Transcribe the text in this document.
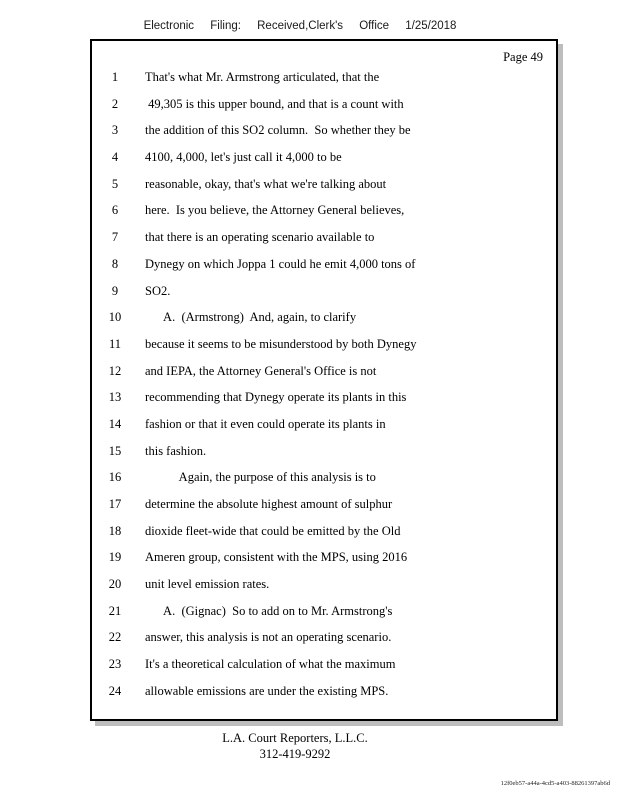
Electronic Filing: Received,Clerk's Office 1/25/2018
Page 49
1	That's what Mr. Armstrong articulated, that the
2	49,305 is this upper bound, and that is a count with
3	the addition of this SO2 column.  So whether they be
4	4100, 4,000, let's just call it 4,000 to be
5	reasonable, okay, that's what we're talking about
6	here.  Is you believe, the Attorney General believes,
7	that there is an operating scenario available to
8	Dynegy on which Joppa 1 could he emit 4,000 tons of
9	SO2.
10	A.  (Armstrong)  And, again, to clarify
11	because it seems to be misunderstood by both Dynegy
12	and IEPA, the Attorney General's Office is not
13	recommending that Dynegy operate its plants in this
14	fashion or that it even could operate its plants in
15	this fashion.
16	Again, the purpose of this analysis is to
17	determine the absolute highest amount of sulphur
18	dioxide fleet-wide that could be emitted by the Old
19	Ameren group, consistent with the MPS, using 2016
20	unit level emission rates.
21	A.  (Gignac)  So to add on to Mr. Armstrong's
22	answer, this analysis is not an operating scenario.
23	It's a theoretical calculation of what the maximum
24	allowable emissions are under the existing MPS.
L.A. Court Reporters, L.L.C.
312-419-9292
12f0eb57-a44a-4cd5-a403-88261397ab6d
